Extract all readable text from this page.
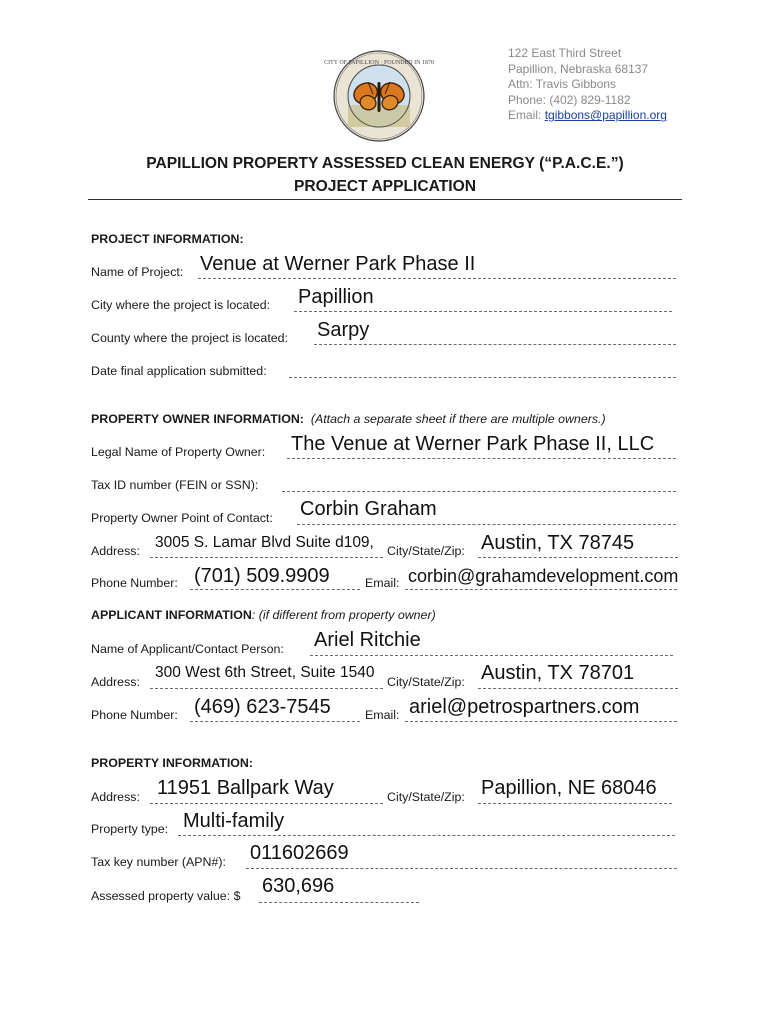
CITY OF PAPILLION · FOUNDED IN 1870
122 East Third Street
Papillion, Nebraska 68137
Attn: Travis Gibbons
Phone: (402) 829-1182
Email: tgibbons@papillion.org
PAPILLION PROPERTY ASSESSED CLEAN ENERGY (“P.A.C.E.”)
PROJECT APPLICATION
PROJECT INFORMATION:
Name of Project: Venue at Werner Park Phase II
City where the project is located: Papillion
County where the project is located: Sarpy
Date final application submitted:
PROPERTY OWNER INFORMATION: (Attach a separate sheet if there are multiple owners.)
Legal Name of Property Owner: The Venue at Werner Park Phase II, LLC
Tax ID number (FEIN or SSN):
Property Owner Point of Contact: Corbin Graham
Address: 3005 S. Lamar Blvd Suite d109, City/State/Zip: Austin, TX 78745
Phone Number: (701) 509.9909	Email: corbin@grahamdevelopment.com
APPLICANT INFORMATION: (if different from property owner)
Name of Applicant/Contact Person: Ariel Ritchie
Address:
300 West 6th Street, Suite 1540
City/State/Zip: Austin, TX 78701
Phone Number: (469) 623-7545	Email: ariel@petrospartners.com
PROPERTY INFORMATION:
Address: 11951 Ballpark Way	City/State/Zip: Papillion, NE 68046
Property type: Multi-family
Tax key number (APN#): 011602669
Assessed property value: $ 630,696
